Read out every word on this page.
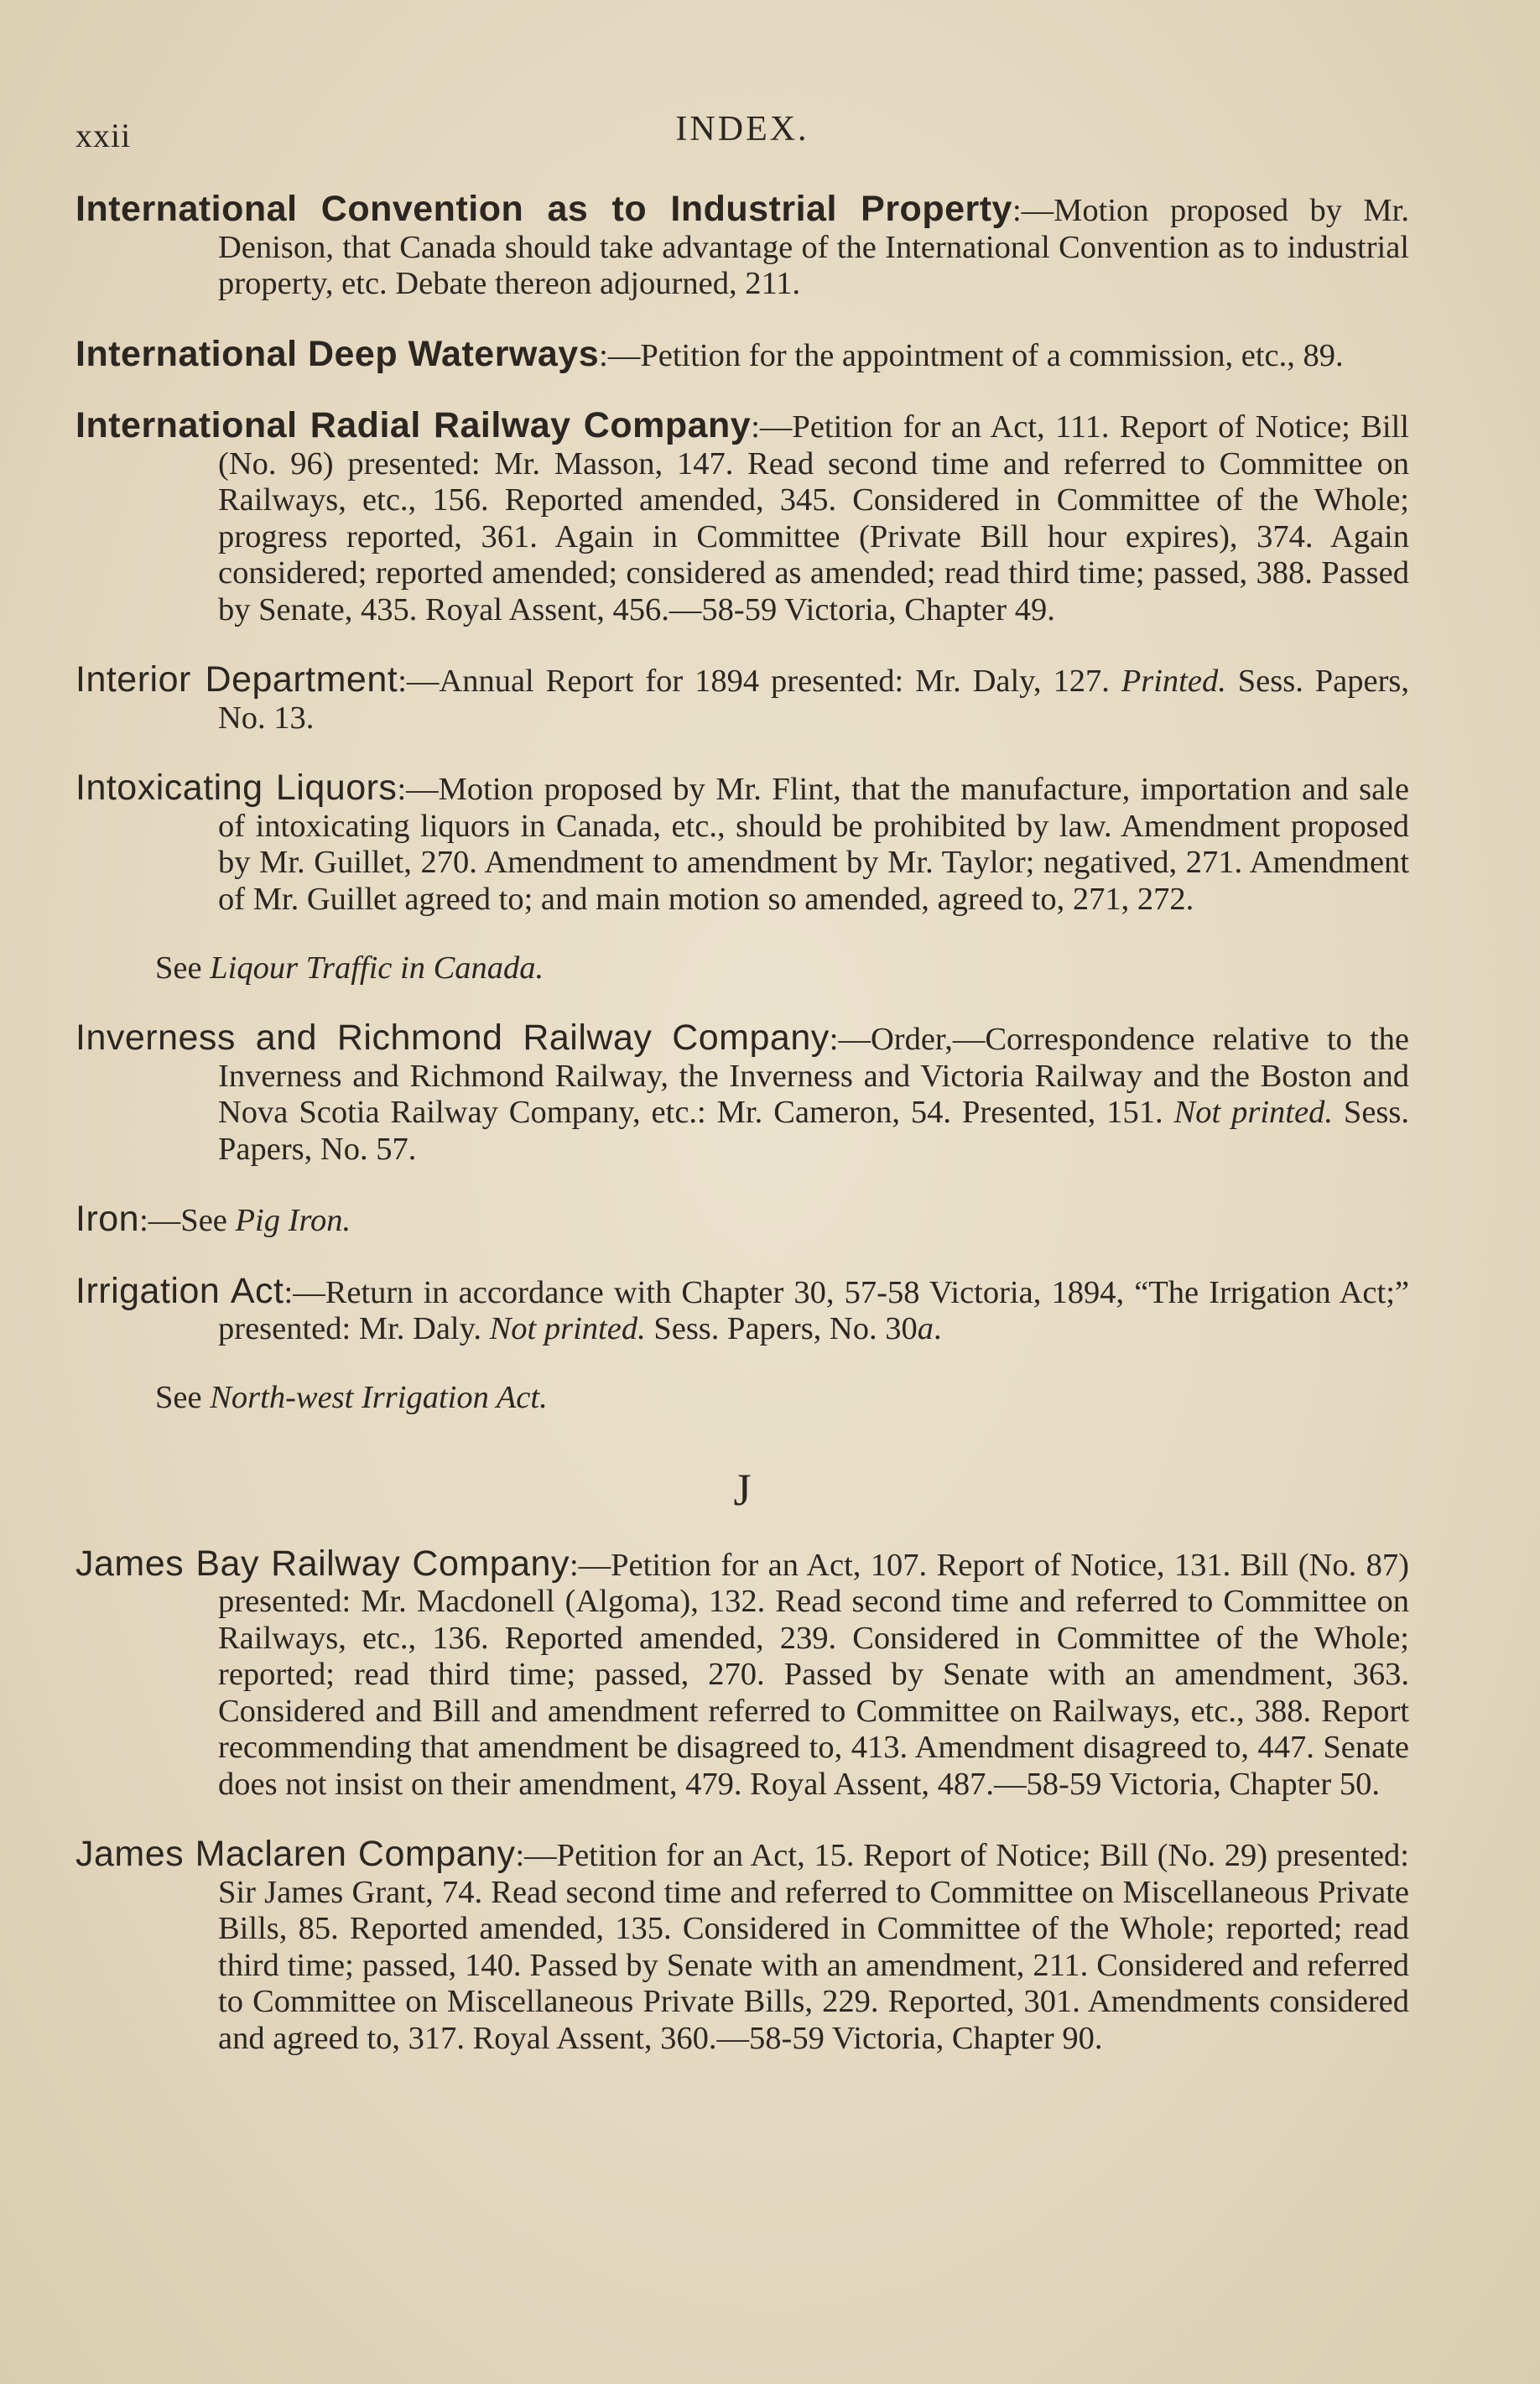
xxii	INDEX.

International Convention as to Industrial Property:—Motion proposed by Mr. Denison, that Canada should take advantage of the International Convention as to industrial property, etc. Debate thereon adjourned, 211.

International Deep Waterways:—Petition for the appointment of a commission, etc., 89.

International Radial Railway Company:—Petition for an Act, 111. Report of Notice; Bill (No. 96) presented: Mr. Masson, 147. Read second time and referred to Committee on Railways, etc., 156. Reported amended, 345. Considered in Committee of the Whole; progress reported, 361. Again in Committee (Private Bill hour expires), 374. Again considered; reported amended; considered as amended; read third time; passed, 388. Passed by Senate, 435. Royal Assent, 456.—58-59 Victoria, Chapter 49.

Interior Department:—Annual Report for 1894 presented: Mr. Daly, 127. Printed. Sess. Papers, No. 13.

Intoxicating Liquors:—Motion proposed by Mr. Flint, that the manufacture, importation and sale of intoxicating liquors in Canada, etc., should be prohibited by law. Amendment proposed by Mr. Guillet, 270. Amendment to amendment by Mr. Taylor; negatived, 271. Amendment of Mr. Guillet agreed to; and main motion so amended, agreed to, 271, 272.

See Liqour Traffic in Canada.

Inverness and Richmond Railway Company:—Order,—Correspondence relative to the Inverness and Richmond Railway, the Inverness and Victoria Railway and the Boston and Nova Scotia Railway Company, etc.: Mr. Cameron, 54. Presented, 151. Not printed. Sess. Papers, No. 57.

Iron:—See Pig Iron.

Irrigation Act:—Return in accordance with Chapter 30, 57-58 Victoria, 1894, “The Irrigation Act;” presented: Mr. Daly. Not printed. Sess. Papers, No. 30a.

See North-west Irrigation Act.

J

James Bay Railway Company:—Petition for an Act, 107. Report of Notice, 131. Bill (No. 87) presented: Mr. Macdonell (Algoma), 132. Read second time and referred to Committee on Railways, etc., 136. Reported amended, 239. Considered in Committee of the Whole; reported; read third time; passed, 270. Passed by Senate with an amendment, 363. Considered and Bill and amendment referred to Committee on Railways, etc., 388. Report recommending that amendment be disagreed to, 413. Amendment disagreed to, 447. Senate does not insist on their amendment, 479. Royal Assent, 487.—58-59 Victoria, Chapter 50.

James Maclaren Company:—Petition for an Act, 15. Report of Notice; Bill (No. 29) presented: Sir James Grant, 74. Read second time and referred to Committee on Miscellaneous Private Bills, 85. Reported amended, 135. Considered in Committee of the Whole; reported; read third time; passed, 140. Passed by Senate with an amendment, 211. Considered and referred to Committee on Miscellaneous Private Bills, 229. Reported, 301. Amendments considered and agreed to, 317. Royal Assent, 360.—58-59 Victoria, Chapter 90.
